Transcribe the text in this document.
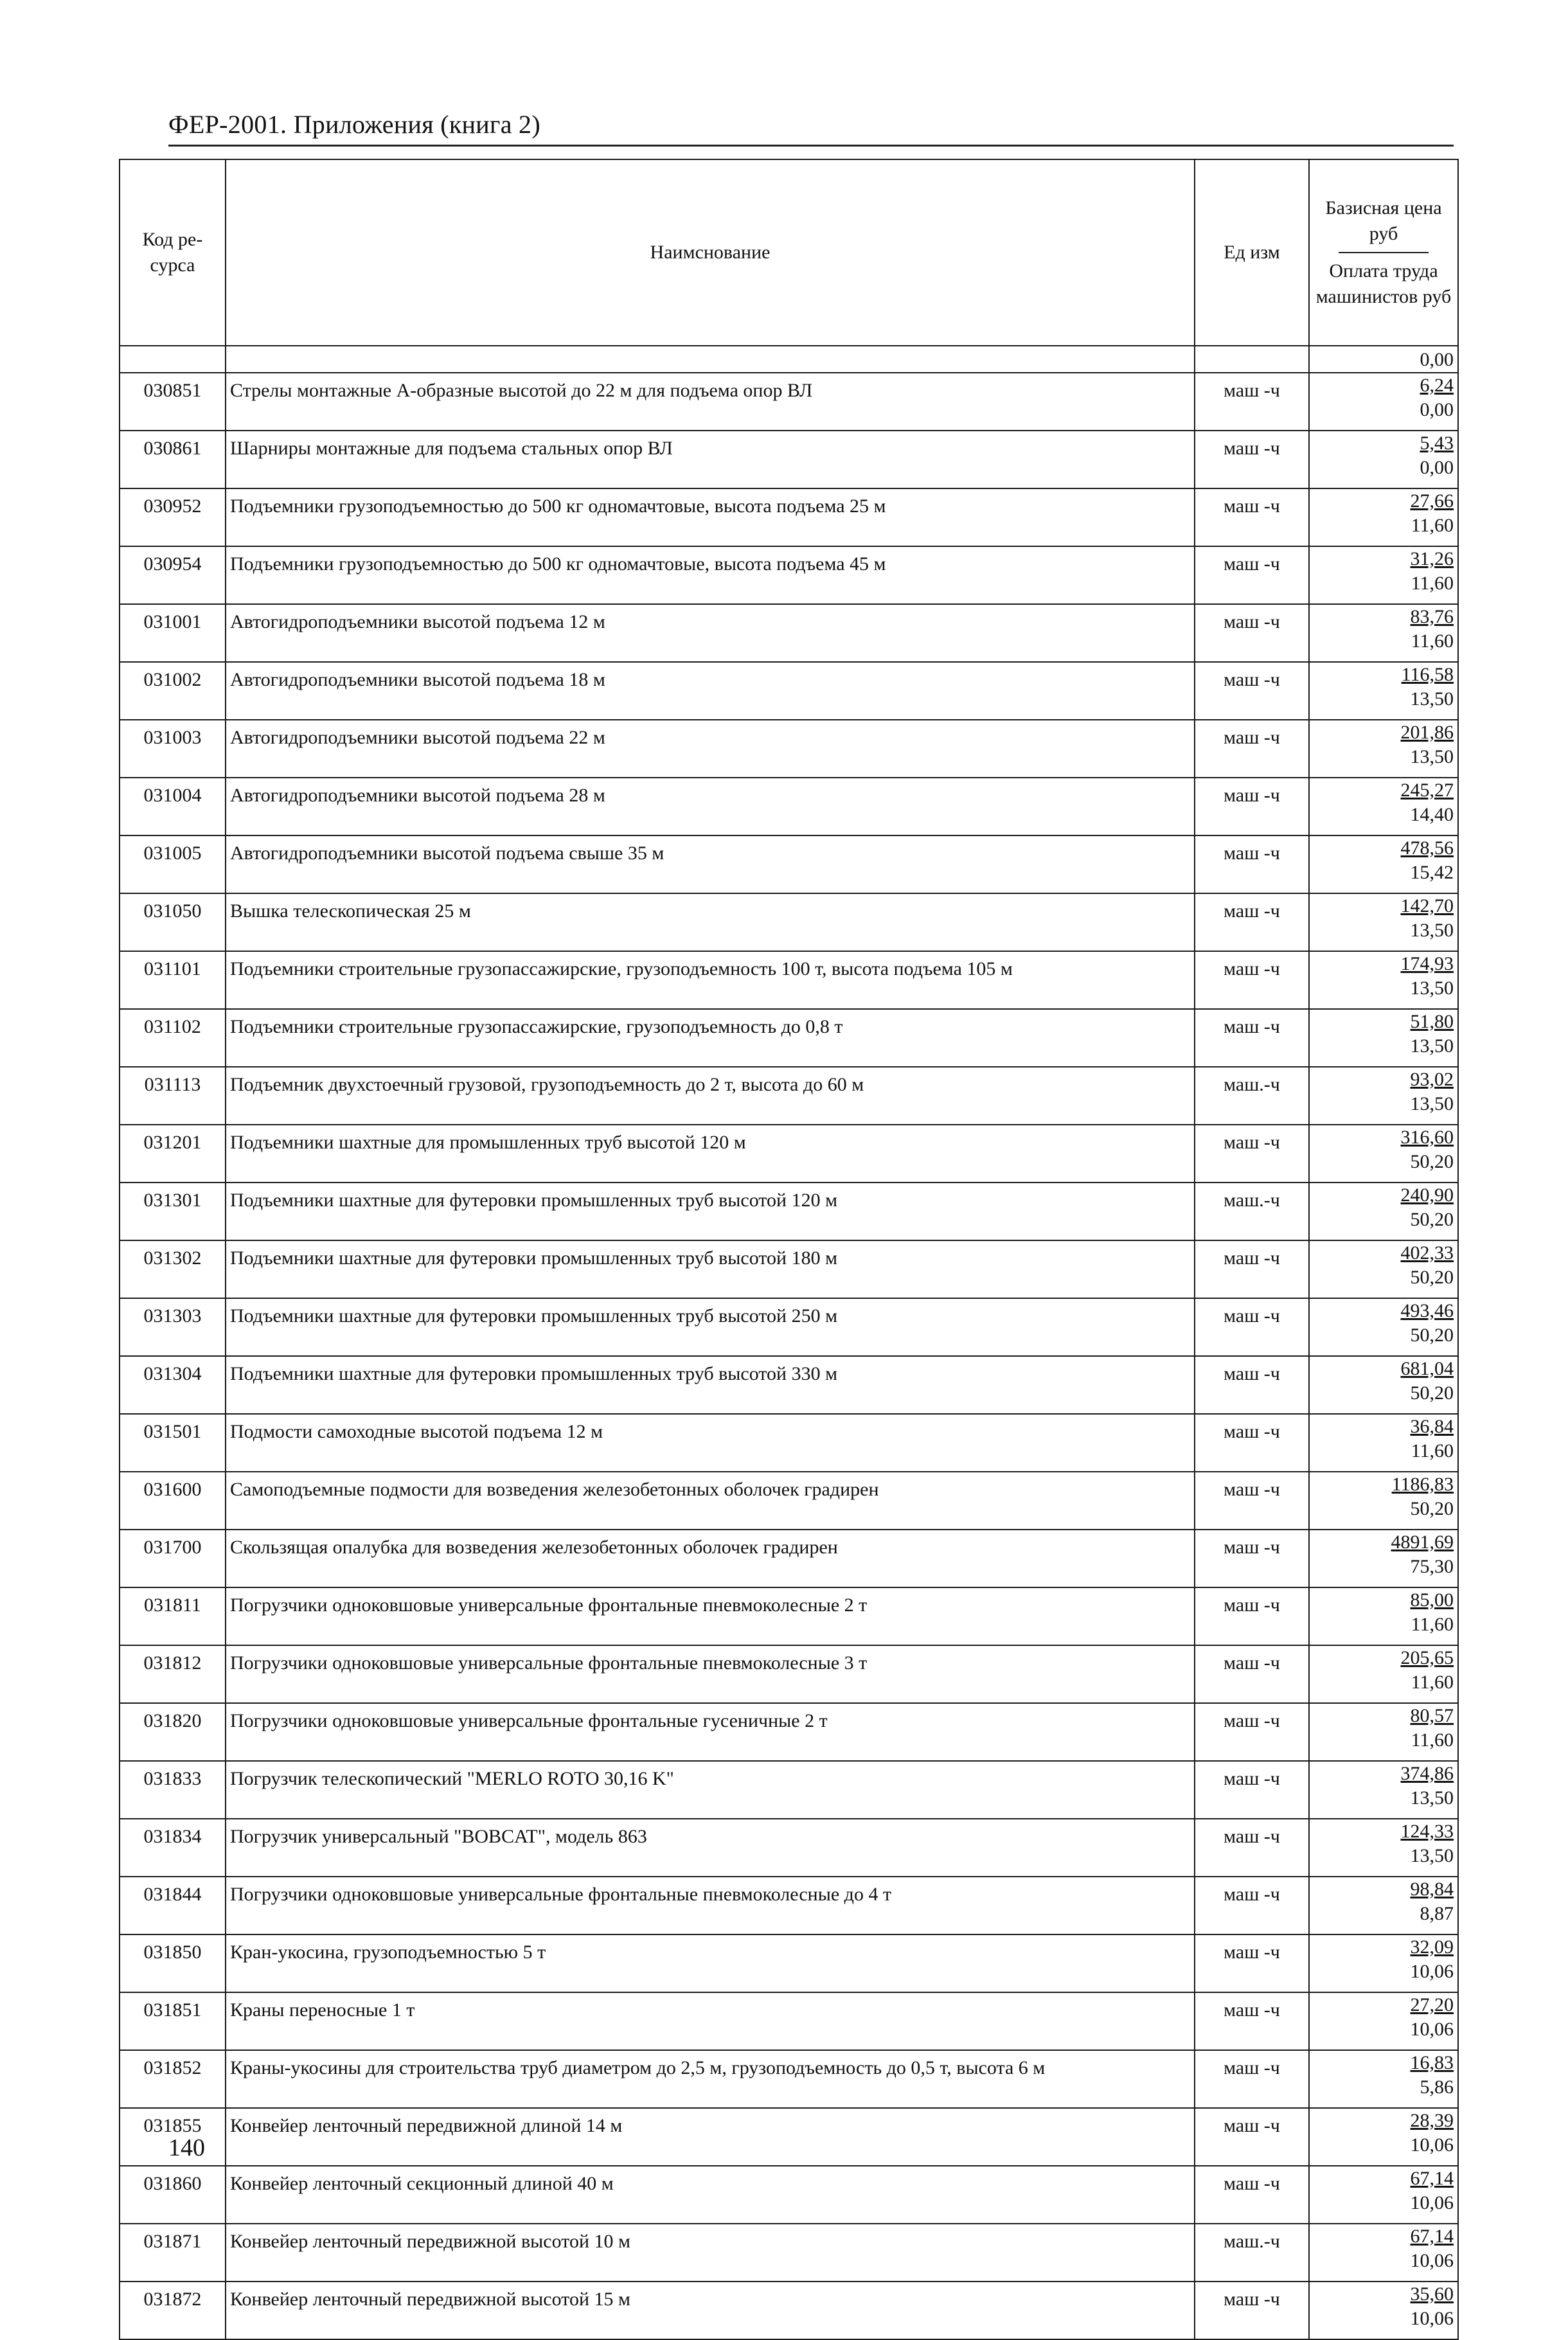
ФЕР-2001. Приложения (книга 2)
Код ре-сурса	Наимснование	Ед изм	Базисная цена руб
Оплата труда машинистов руб

			0,00
030851	Стрелы монтажные А-образные высотой до 22 м для подъема опор ВЛ	маш -ч	6,24
0,00

030861	Шарниры монтажные для подъема стальных опор ВЛ	маш -ч	5,43
0,00

030952	Подъемники грузоподъемностью до 500 кг одномачтовые, высота подъема 25 м	маш -ч	27,66
11,60

030954	Подъемники грузоподъемностью до 500 кг одномачтовые, высота подъема 45 м	маш -ч	31,26
11,60

031001	Автогидроподъемники высотой подъема 12 м	маш -ч	83,76
11,60

031002	Автогидроподъемники высотой подъема 18 м	маш -ч	116,58
13,50

031003	Автогидроподъемники высотой подъема 22 м	маш -ч	201,86
13,50

031004	Автогидроподъемники высотой подъема 28 м	маш -ч	245,27
14,40

031005	Автогидроподъемники высотой подъема свыше 35 м	маш -ч	478,56
15,42

031050	Вышка телескопическая 25 м	маш -ч	142,70
13,50

031101	Подъемники строительные грузопассажирские, грузоподъемность 100 т, высота подъема 105 м	маш -ч	174,93
13,50

031102	Подъемники строительные грузопассажирские, грузоподъемность до 0,8 т	маш -ч	51,80
13,50

031113	Подъемник двухстоечный грузовой, грузоподъемность до 2 т, высота до 60 м	маш.-ч	93,02
13,50

031201	Подъемники шахтные для промышленных труб высотой 120 м	маш -ч	316,60
50,20

031301	Подъемники шахтные для футеровки промышленных труб высотой 120 м	маш.-ч	240,90
50,20

031302	Подъемники шахтные для футеровки промышленных труб высотой 180 м	маш -ч	402,33
50,20

031303	Подъемники шахтные для футеровки промышленных труб высотой 250 м	маш -ч	493,46
50,20

031304	Подъемники шахтные для футеровки промышленных труб высотой 330 м	маш -ч	681,04
50,20

031501	Подмости самоходные высотой подъема 12 м	маш -ч	36,84
11,60

031600	Самоподъемные подмости для возведения железобетонных оболочек градирен	маш -ч	1186,83
50,20

031700	Скользящая опалубка для возведения железобетонных оболочек градирен	маш -ч	4891,69
75,30

031811	Погрузчики одноковшовые универсальные фронтальные пневмоколесные 2 т	маш -ч	85,00
11,60

031812	Погрузчики одноковшовые универсальные фронтальные пневмоколесные 3 т	маш -ч	205,65
11,60

031820	Погрузчики одноковшовые универсальные фронтальные гусеничные 2 т	маш -ч	80,57
11,60

031833	Погрузчик телескопический "MERLO ROTO 30,16 K"	маш -ч	374,86
13,50

031834	Погрузчик универсальный "BOBCAT", модель 863	маш -ч	124,33
13,50

031844	Погрузчики одноковшовые универсальные фронтальные пневмоколесные до 4 т	маш -ч	98,84
8,87

031850	Кран-укосина, грузоподъемностью 5 т	маш -ч	32,09
10,06

031851	Краны переносные 1 т	маш -ч	27,20
10,06

031852	Краны-укосины для строительства труб диаметром до 2,5 м, грузоподъемность до 0,5 т, высота 6 м	маш -ч	16,83
5,86

031855	Конвейер ленточный передвижной длиной 14 м	маш -ч	28,39
10,06

031860	Конвейер ленточный секционный длиной 40 м	маш -ч	67,14
10,06

031871	Конвейер ленточный передвижной высотой 10 м	маш.-ч	67,14
10,06

031872	Конвейер ленточный передвижной высотой 15 м	маш -ч	35,60
10,06
140
